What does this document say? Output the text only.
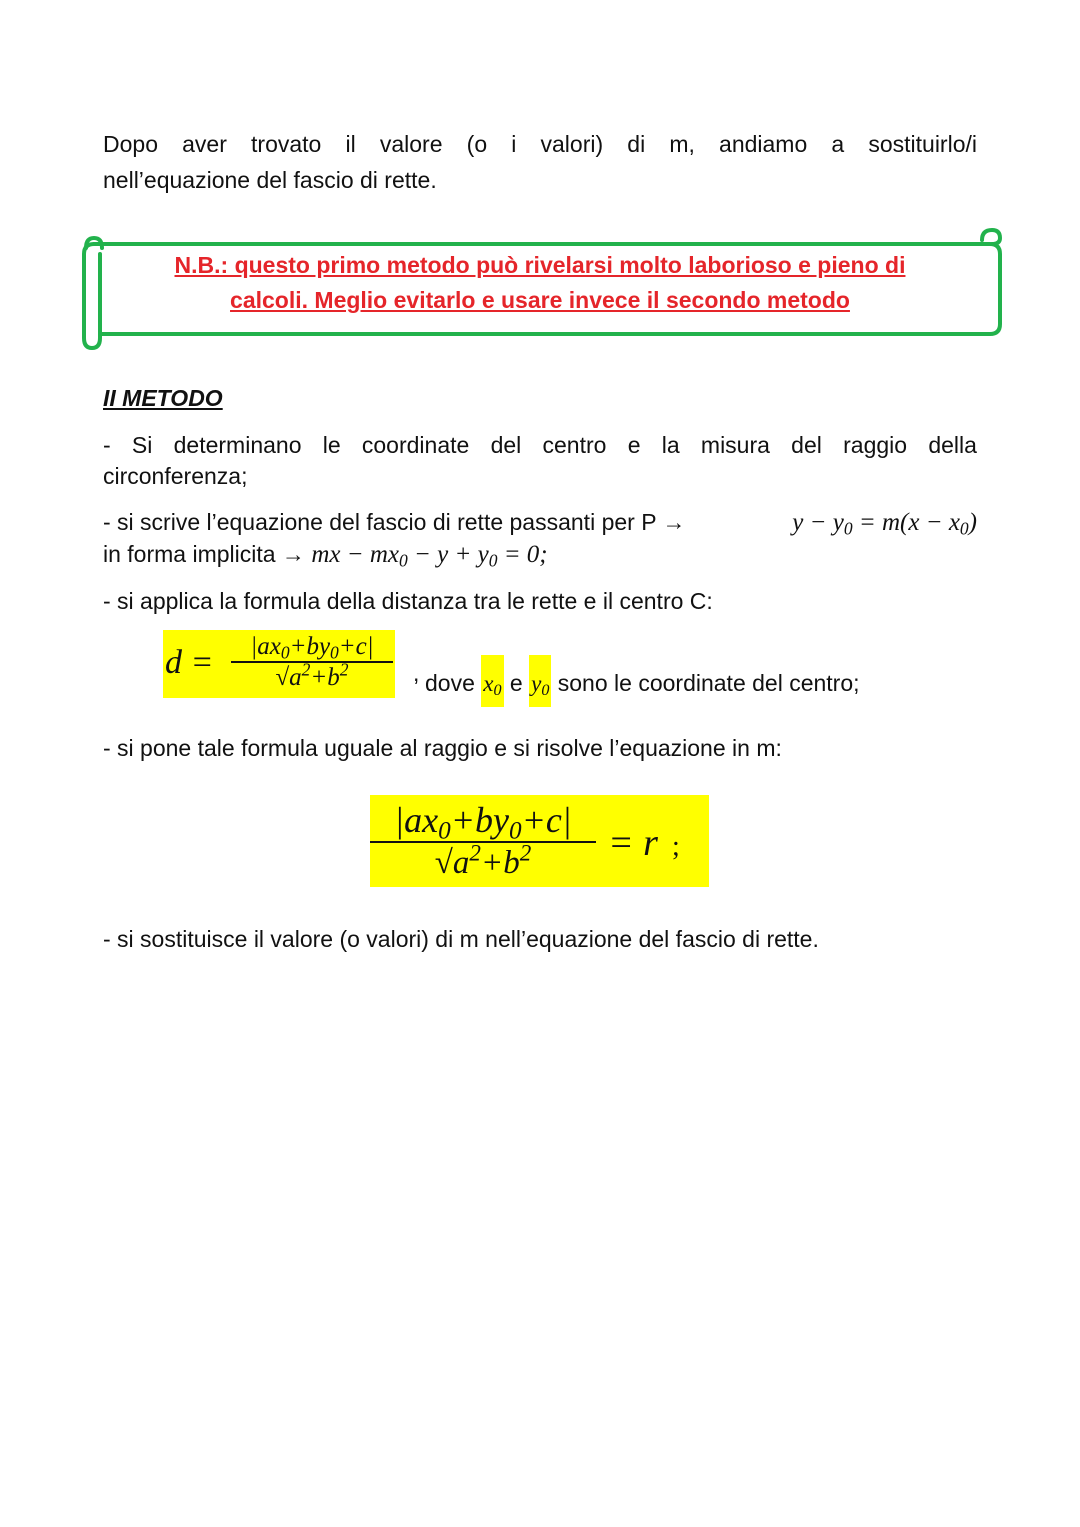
Dopo aver trovato il valore (o i valori) di m, andiamo a sostituirlo/i
nell’equazione del fascio di rette.
N.B.: questo primo metodo può rivelarsi molto laborioso e pieno di
calcoli. Meglio evitarlo e usare invece il secondo metodo
II METODO
- Si determinano le coordinate del centro e la misura del raggio della
circonferenza;
- si scrive l’equazione del fascio di rette passanti per P →	$y - y_0 = m(x - x_0)$
in forma implicita → mx − $mx_0 - y + y_0 = 0$;
- si applica la formula della distanza tra le rette e il centro C:
$d = \frac{|ax_0+by_0+c|}{√a^2+b^2}$ , dove $x_0$ e $y_0$ sono le coordinate del centro;
- si pone tale formula uguale al raggio e si risolve l’equazione in m:
$\frac{|ax_0+by_0+c|}{√a^2+b^2} = r$ ;
- si sostituisce il valore (o valori) di m nell’equazione del fascio di rette.
